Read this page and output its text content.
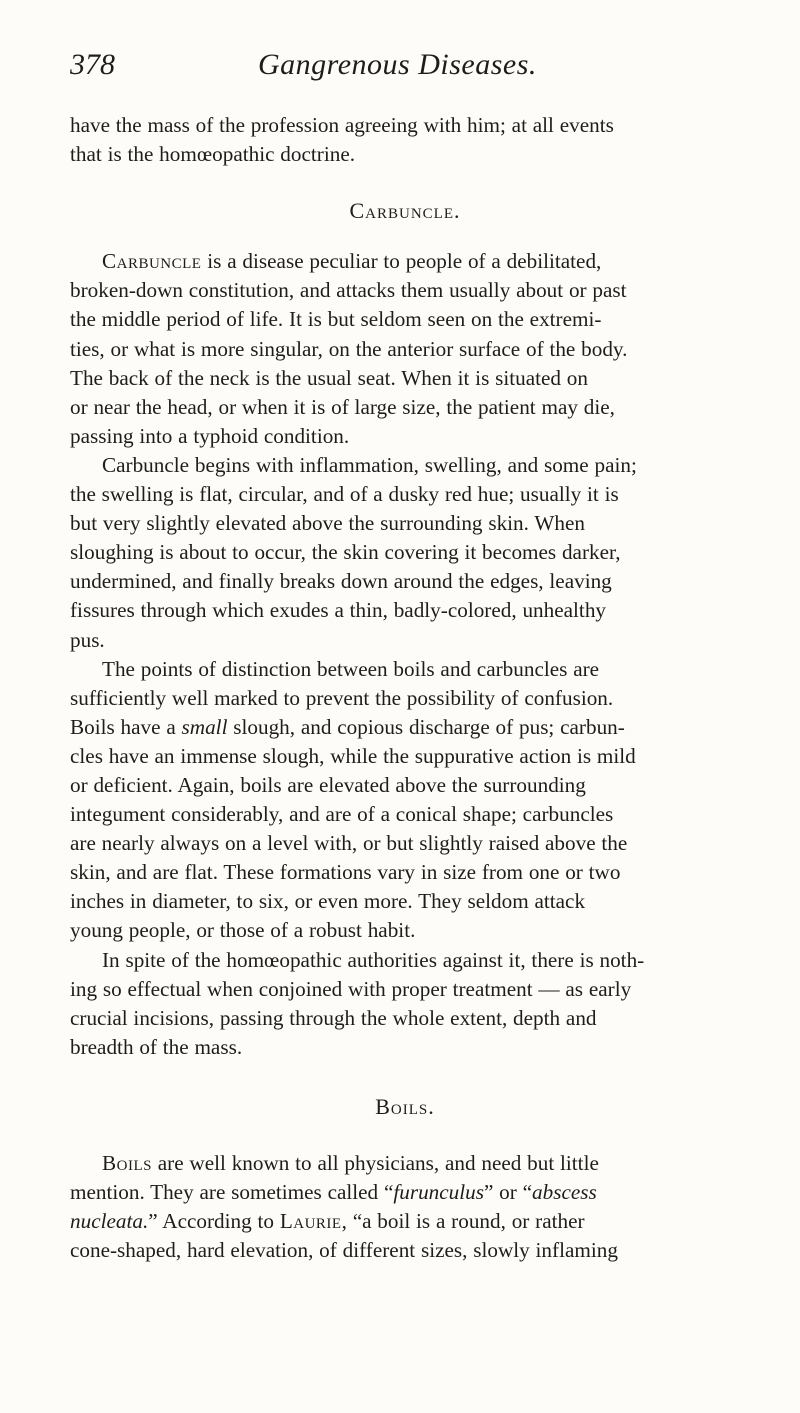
378	Gangrenous Diseases.

have the mass of the profession agreeing with him; at all events
that is the homœopathic doctrine.

Carbuncle.

Carbuncle is a disease peculiar to people of a debilitated,
broken-down constitution, and attacks them usually about or past
the middle period of life. It is but seldom seen on the extremi-
ties, or what is more singular, on the anterior surface of the body.
The back of the neck is the usual seat. When it is situated on
or near the head, or when it is of large size, the patient may die,
passing into a typhoid condition.

Carbuncle begins with inflammation, swelling, and some pain;
the swelling is flat, circular, and of a dusky red hue; usually it is
but very slightly elevated above the surrounding skin. When
sloughing is about to occur, the skin covering it becomes darker,
undermined, and finally breaks down around the edges, leaving
fissures through which exudes a thin, badly-colored, unhealthy
pus.

The points of distinction between boils and carbuncles are
sufficiently well marked to prevent the possibility of confusion.
Boils have a small slough, and copious discharge of pus; carbun-
cles have an immense slough, while the suppurative action is mild
or deficient. Again, boils are elevated above the surrounding
integument considerably, and are of a conical shape; carbuncles
are nearly always on a level with, or but slightly raised above the
skin, and are flat. These formations vary in size from one or two
inches in diameter, to six, or even more. They seldom attack
young people, or those of a robust habit.

In spite of the homœopathic authorities against it, there is noth-
ing so effectual when conjoined with proper treatment — as early
crucial incisions, passing through the whole extent, depth and
breadth of the mass.

Boils.

Boils are well known to all physicians, and need but little
mention. They are sometimes called “furunculus” or “abscess
nucleata.” According to Laurie, “a boil is a round, or rather
cone-shaped, hard elevation, of different sizes, slowly inflaming
